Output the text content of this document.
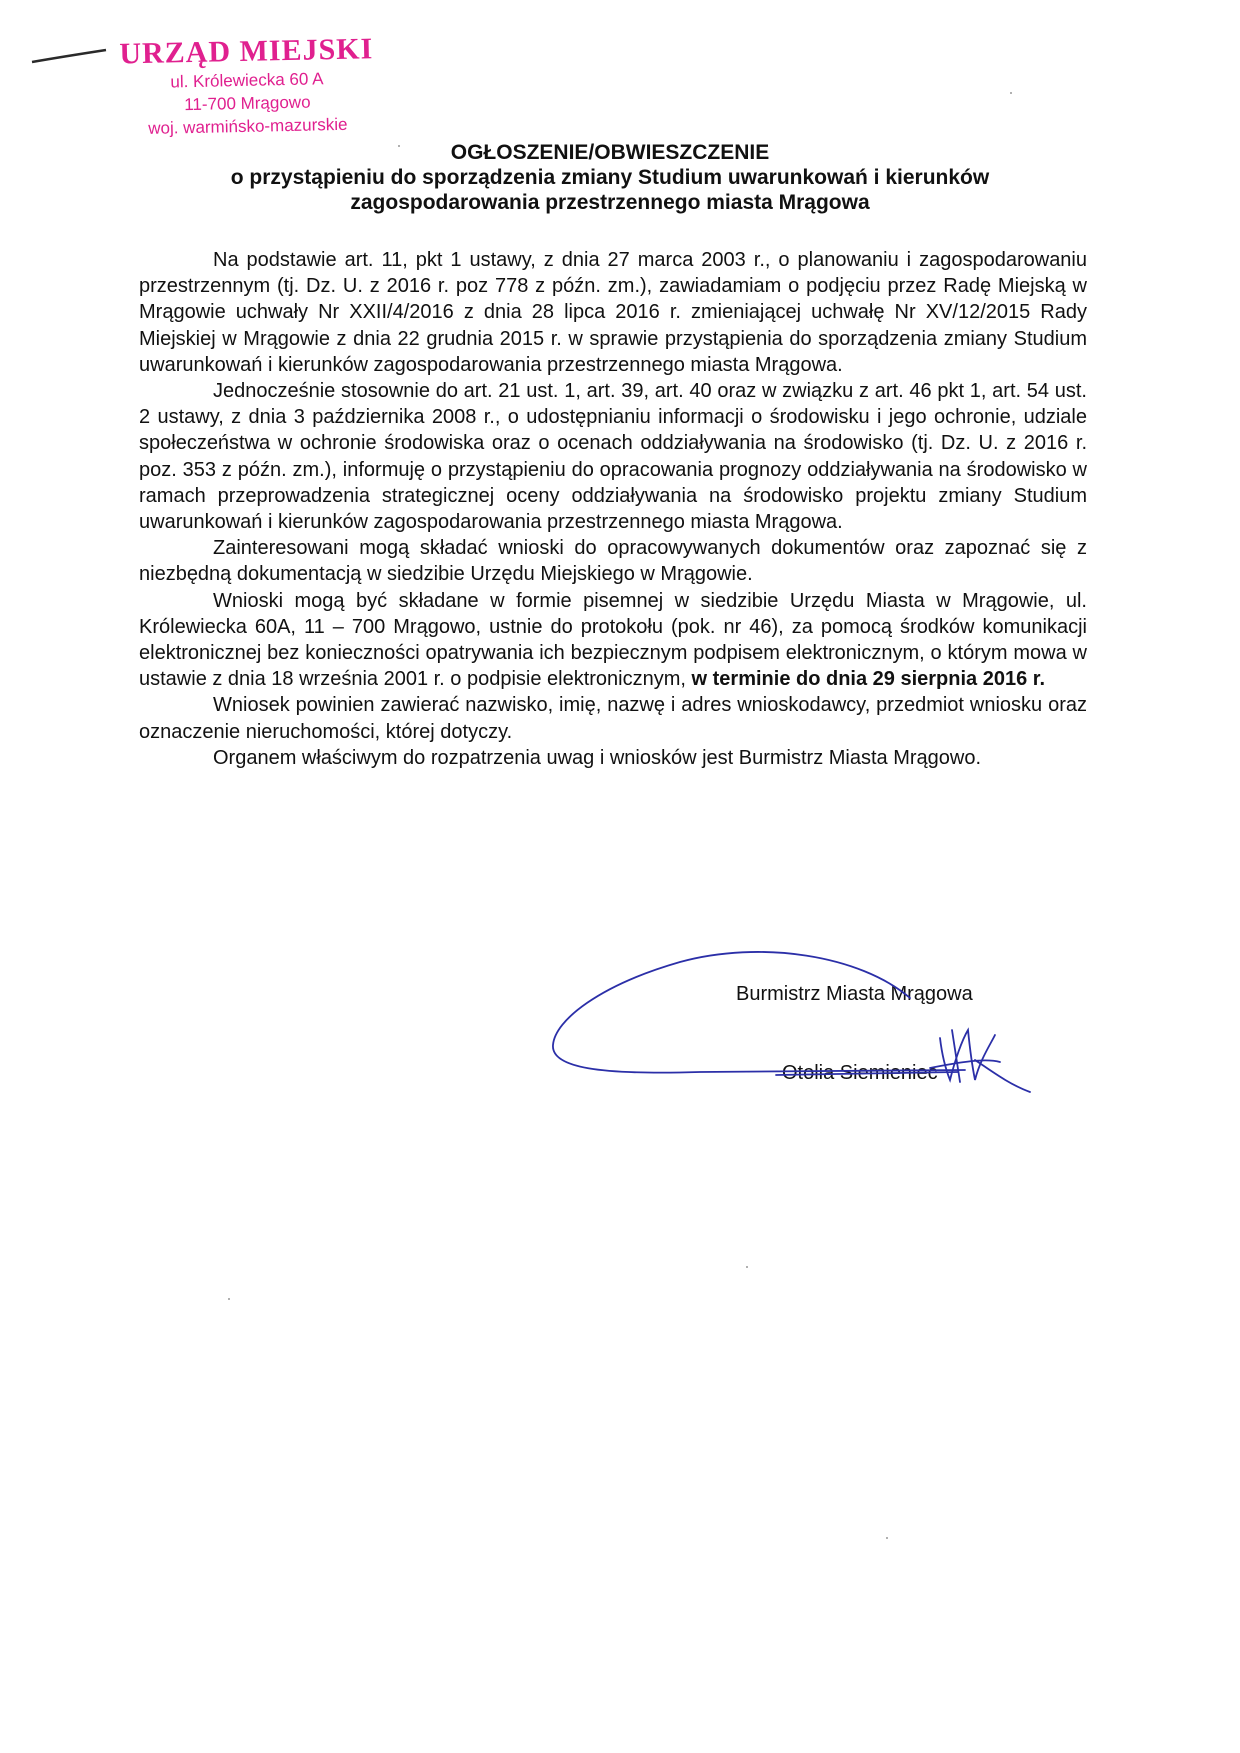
URZĄD MIEJSKI
ul. Królewiecka 60 A
11-700 Mrągowo
woj. warmińsko-mazurskie
OGŁOSZENIE/OBWIESZCZENIE
o przystąpieniu do sporządzenia zmiany Studium uwarunkowań i kierunków
zagospodarowania przestrzennego miasta Mrągowa

Na podstawie art. 11, pkt 1 ustawy, z dnia 27 marca 2003 r., o planowaniu i zagospodarowaniu przestrzennym (tj. Dz. U. z 2016 r. poz 778 z późn. zm.), zawiadamiam o podjęciu przez Radę Miejską w Mrągowie uchwały Nr XXII/4/2016 z dnia 28 lipca 2016 r. zmieniającej uchwałę Nr XV/12/2015 Rady Miejskiej w Mrągowie z dnia 22 grudnia 2015 r. w sprawie przystąpienia do sporządzenia zmiany Studium uwarunkowań i kierunków zagospodarowania przestrzennego miasta Mrągowa.

Jednocześnie stosownie do art. 21 ust. 1, art. 39, art. 40 oraz w związku z art. 46 pkt 1, art. 54 ust. 2 ustawy, z dnia 3 października 2008 r., o udostępnianiu informacji o środowisku i jego ochronie, udziale społeczeństwa w ochronie środowiska oraz o ocenach oddziaływania na środowisko (tj. Dz. U. z 2016 r. poz. 353 z późn. zm.), informuję o przystąpieniu do opracowania prognozy oddziaływania na środowisko w ramach przeprowadzenia strategicznej oceny oddziaływania na środowisko projektu zmiany Studium uwarunkowań i kierunków zagospodarowania przestrzennego miasta Mrągowa.

Zainteresowani mogą składać wnioski do opracowywanych dokumentów oraz zapoznać się z niezbędną dokumentacją w siedzibie Urzędu Miejskiego w Mrągowie.

Wnioski mogą być składane w formie pisemnej w siedzibie Urzędu Miasta w Mrągowie, ul. Królewiecka 60A, 11 – 700 Mrągowo, ustnie do protokołu (pok. nr 46), za pomocą środków komunikacji elektronicznej bez konieczności opatrywania ich bezpiecznym podpisem elektronicznym, o którym mowa w ustawie z dnia 18 września 2001 r. o podpisie elektronicznym, w terminie do dnia 29 sierpnia 2016 r.

Wniosek powinien zawierać nazwisko, imię, nazwę i adres wnioskodawcy, przedmiot wniosku oraz oznaczenie nieruchomości, której dotyczy.

Organem właściwym do rozpatrzenia uwag i wniosków jest Burmistrz Miasta Mrągowo.

Burmistrz Miasta Mrągowa
Otolia Siemieniec
